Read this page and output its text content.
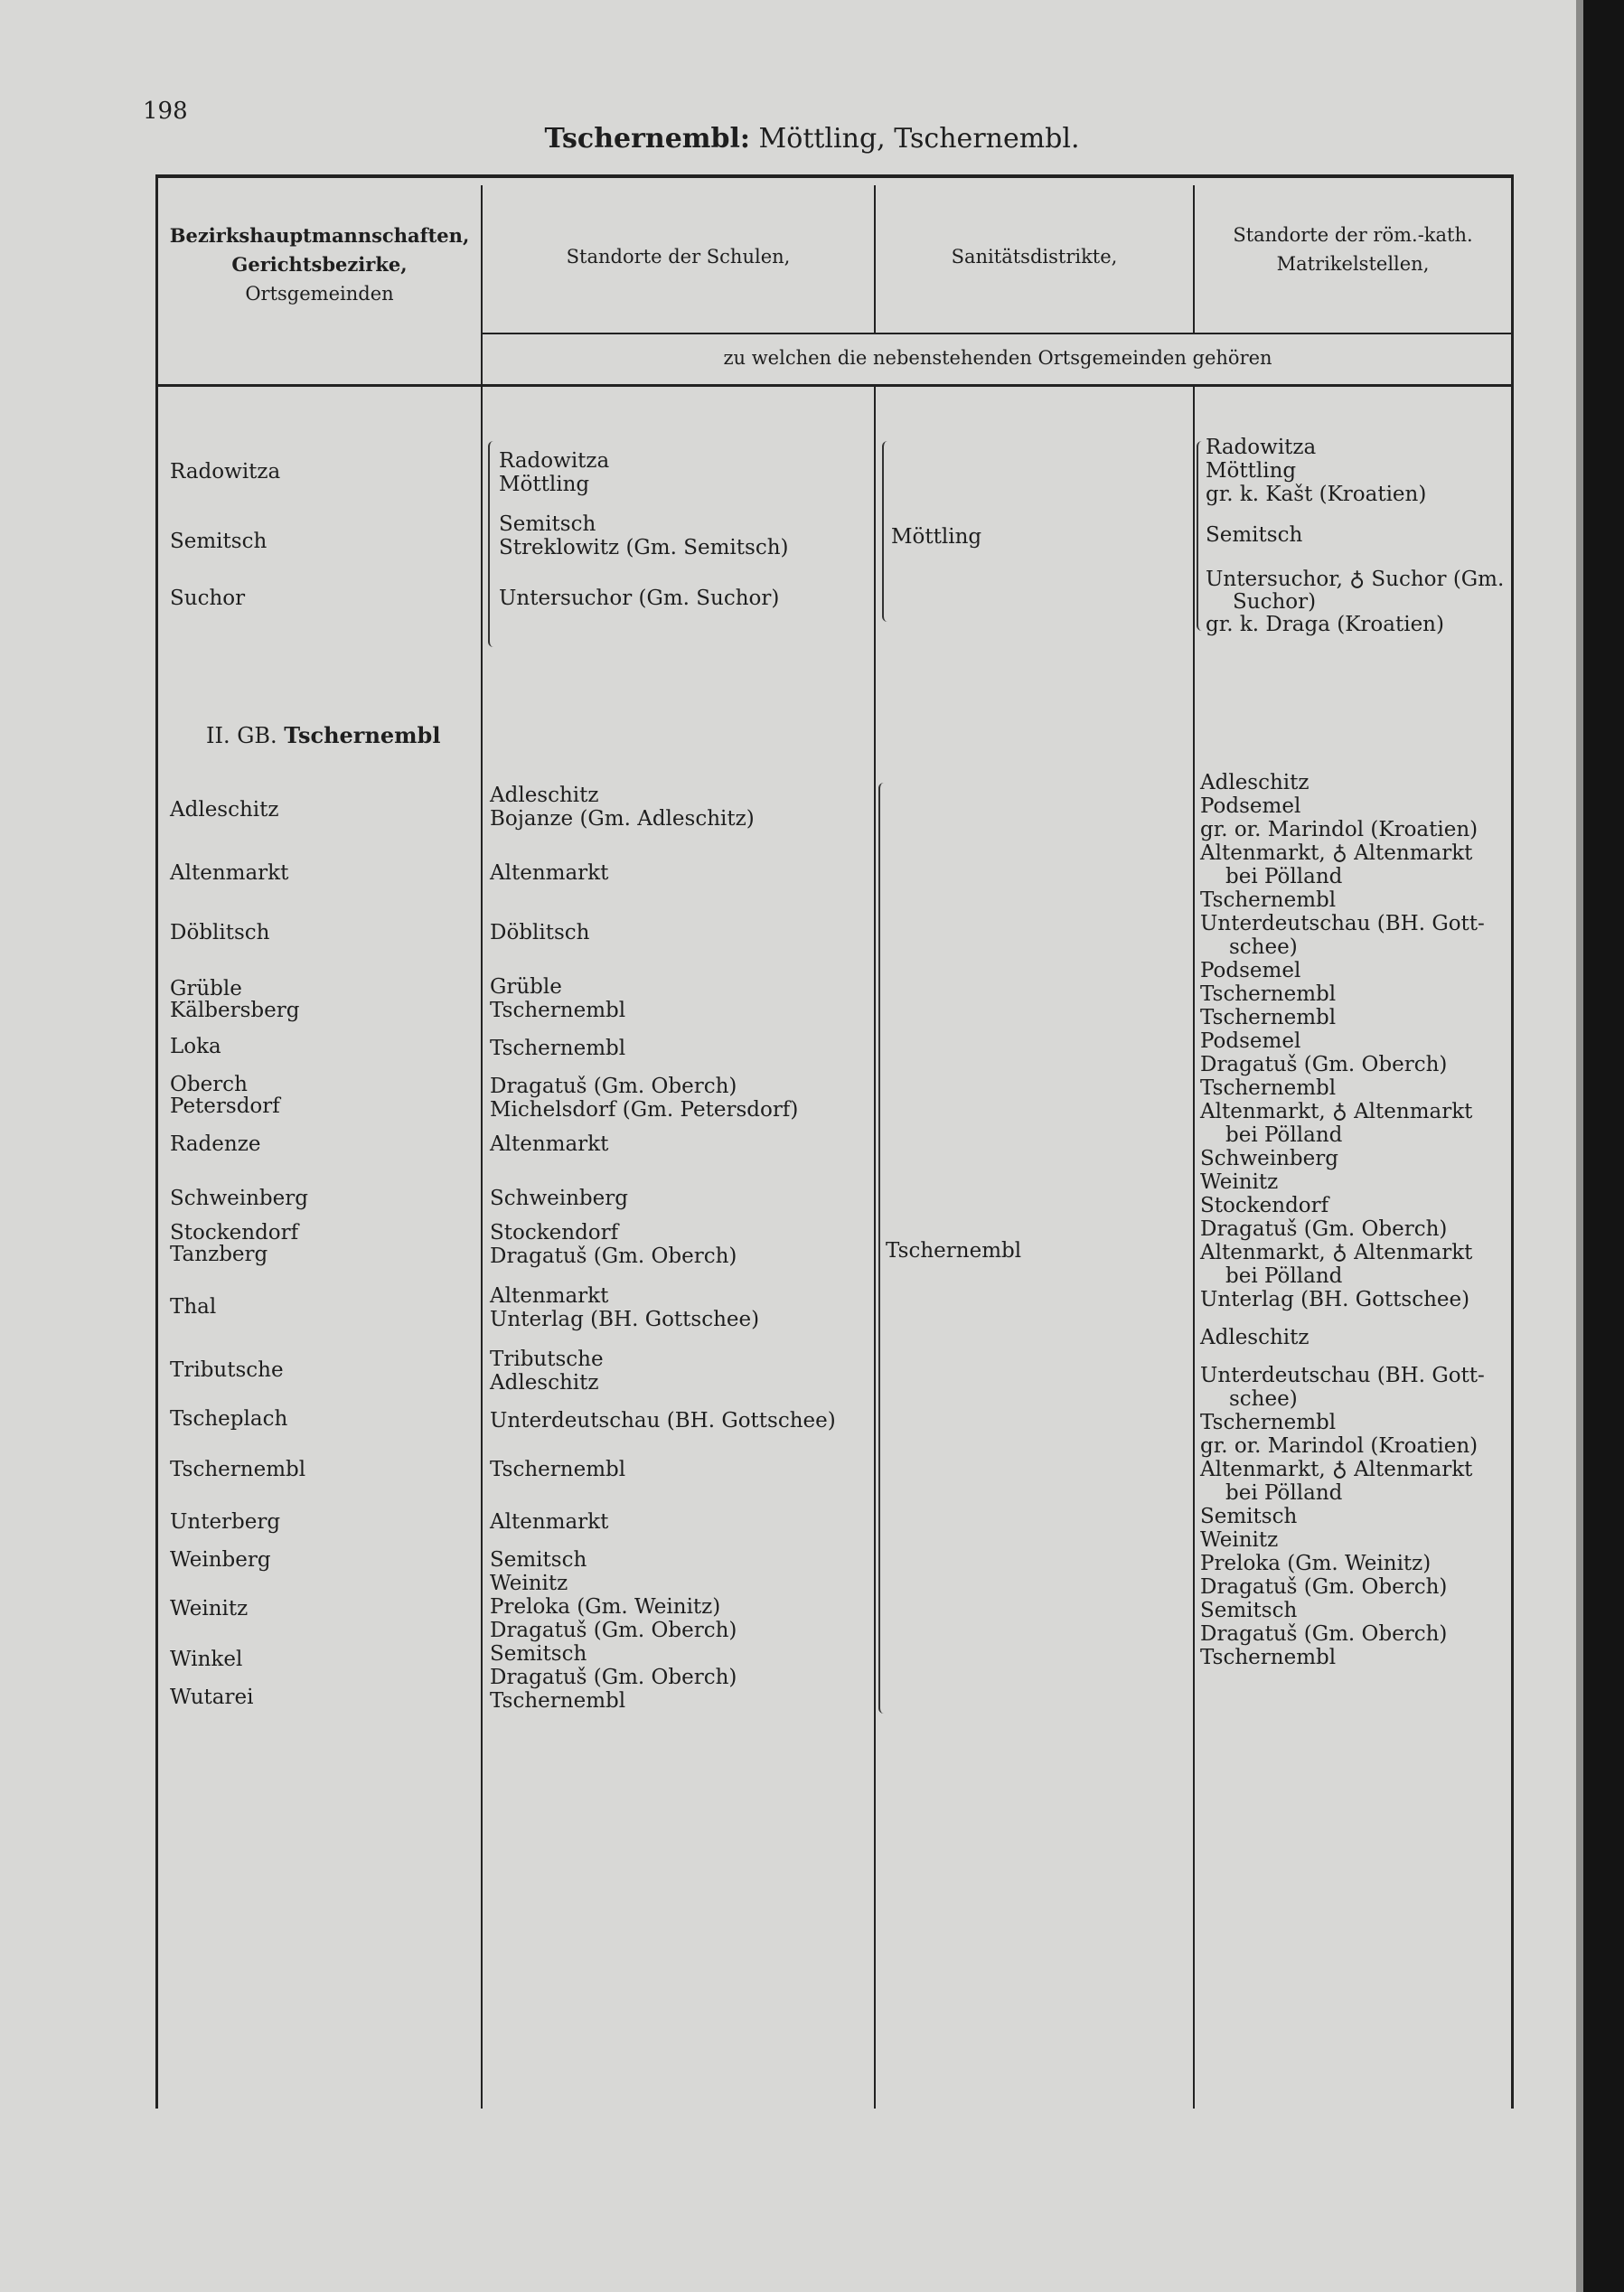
198
Tschernembl: Möttling, Tschernembl.
Bezirkshauptmannschaften,
Gerichtsbezirke,
Ortsgemeinden
Standorte der Schulen,	Sanitätsdistrikte,
Standorte der röm.-kath.
Matrikelstellen,
zu welchen die nebenstehenden Ortsgemeinden gehören
Radowitza
Semitsch
Suchor
Radowitza
Möttling
Semitsch
Streklowitz (Gm. Semitsch)
Untersuchor (Gm. Suchor)
Möttling
Radowitza
Möttling
gr. k. Kašt (Kroatien)
Semitsch
Untersuchor, ♁ Suchor (Gm.
Suchor)
gr. k. Draga (Kroatien)
II. GB. Tschernembl
Adleschitz
Altenmarkt
Döblitsch
Grüble
Kälbersberg
Loka
Oberch
Petersdorf
Radenze
Schweinberg
Stockendorf
Tanzberg
Thal
Tributsche
Tscheplach
Tschernembl
Unterberg
Weinberg
Weinitz
Winkel
Wutarei
Adleschitz
Bojanze (Gm. Adleschitz)
Altenmarkt
Döblitsch
Grüble
Tschernembl
Tschernembl
Dragatuš (Gm. Oberch)
Michelsdorf (Gm. Petersdorf)
Altenmarkt
Schweinberg
Stockendorf
Dragatuš (Gm. Oberch)
Altenmarkt
Unterlag (BH. Gottschee)
Tributsche
Adleschitz
Unterdeutschau (BH. Gottschee)
Tschernembl
Altenmarkt
Semitsch
Weinitz
Preloka (Gm. Weinitz)
Dragatuš (Gm. Oberch)
Semitsch
Dragatuš (Gm. Oberch)
Tschernembl
Tschernembl
Adleschitz
Podsemel
gr. or. Marindol (Kroatien)
Altenmarkt, ♁ Altenmarkt
bei Pölland
Tschernembl
Unterdeutschau (BH. Gott-
schee)
Podsemel
Tschernembl
Tschernembl
Podsemel
Dragatuš (Gm. Oberch)
Tschernembl
Altenmarkt, ♁ Altenmarkt
bei Pölland
Schweinberg
Weinitz
Stockendorf
Dragatuš (Gm. Oberch)
Altenmarkt, ♁ Altenmarkt
bei Pölland
Unterlag (BH. Gottschee)
Adleschitz
Unterdeutschau (BH. Gott-
schee)
Tschernembl
gr. or. Marindol (Kroatien)
Altenmarkt, ♁ Altenmarkt
bei Pölland
Semitsch
Weinitz
Preloka (Gm. Weinitz)
Dragatuš (Gm. Oberch)
Semitsch
Dragatuš (Gm. Oberch)
Tschernembl
